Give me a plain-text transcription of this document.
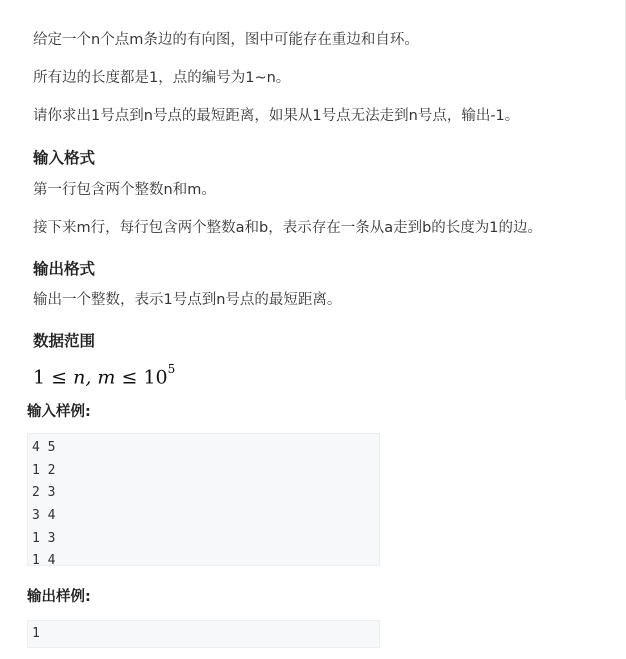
给定一个n个点m条边的有向图，图中可能存在重边和自环。

所有边的长度都是1，点的编号为1~n。

请你求出1号点到n号点的最短距离，如果从1号点无法走到n号点，输出-1。

输入格式

第一行包含两个整数n和m。

接下来m行，每行包含两个整数a和b，表示存在一条从a走到b的长度为1的边。

输出格式

输出一个整数，表示1号点到n号点的最短距离。

数据范围
1 ≤ n, $m \le 10^5$
输入样例:
4 5
1 2
2 3
3 4
1 3
1 4
输出样例:
1
